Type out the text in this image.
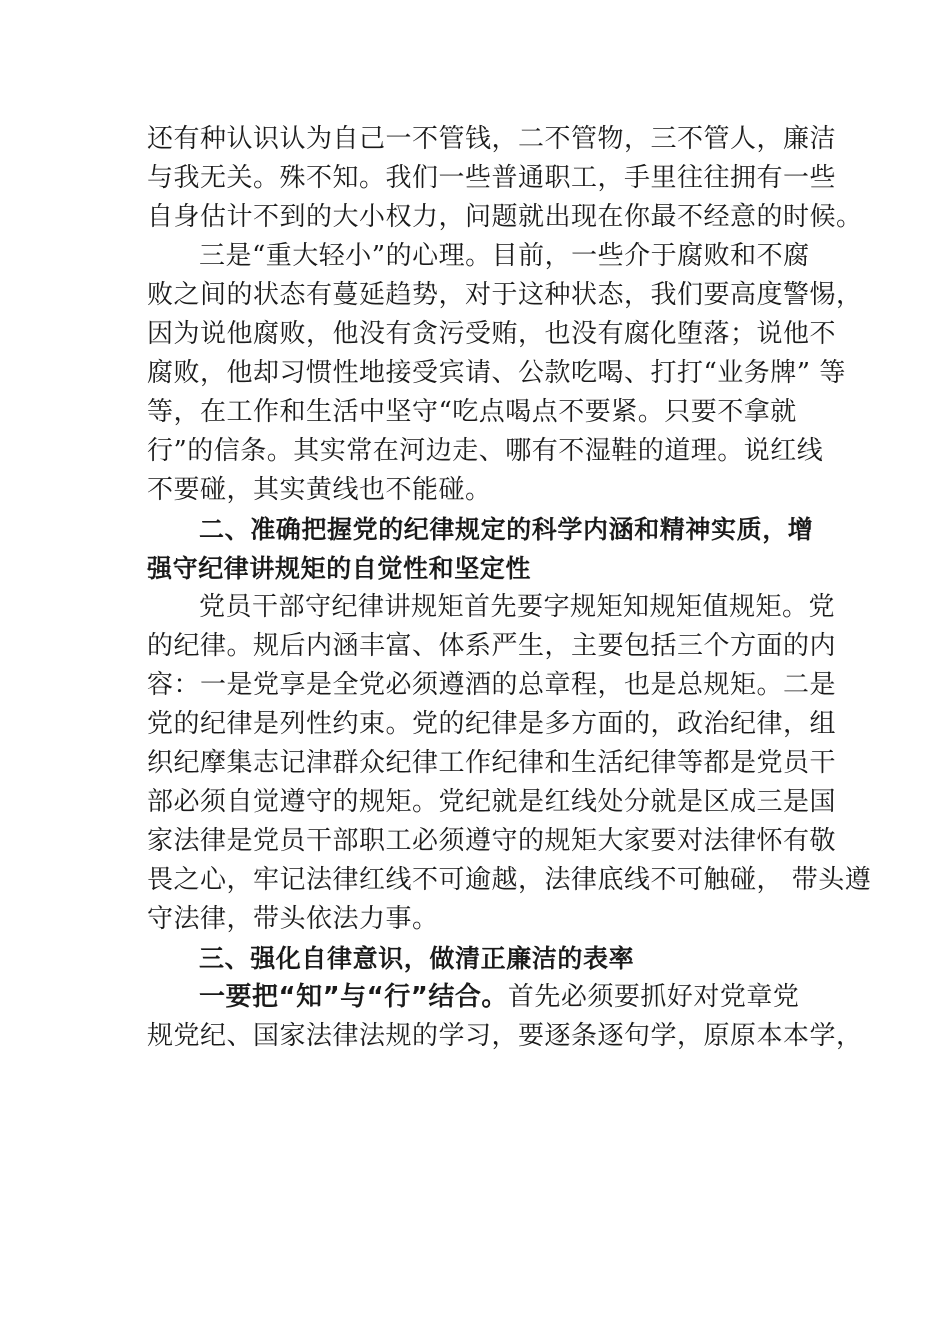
还有种认识认为自己一不管钱，二不管物，三不管人，廉洁
与我无关。殊不知。我们一些普通职工，手里往往拥有一些
自身估计不到的大小权力，问题就出现在你最不经意的时候。
三是“重大轻小”的心理。目前，一些介于腐败和不腐
败之间的状态有蔓延趋势，对于这种状态，我们要高度警惕，
因为说他腐败，他没有贪污受贿，也没有腐化堕落；说他不
腐败，他却习惯性地接受宾请、公款吃喝、打打“业务牌” 等
等，在工作和生活中坚守“吃点喝点不要紧。只要不拿就
行”的信条。其实常在河边走、哪有不湿鞋的道理。说红线
不要碰，其实黄线也不能碰。
二、准确把握党的纪律规定的科学内涵和精神实质，增
强守纪律讲规矩的自觉性和坚定性
党员干部守纪律讲规矩首先要字规矩知规矩值规矩。党
的纪律。规后内涵丰富、体系严生，主要包括三个方面的内
容：一是党享是全党必须遵酒的总章程，也是总规矩。二是
党的纪律是列性约束。党的纪律是多方面的，政治纪律，组
织纪摩集志记津群众纪律工作纪律和生活纪律等都是党员干
部必须自觉遵守的规矩。党纪就是红线处分就是区成三是国
家法律是党员干部职工必须遵守的规矩大家要对法律怀有敬
畏之心，牢记法律红线不可逾越，法律底线不可触碰， 带头遵
守法律，带头依法力事。
三、强化自律意识，做清正廉洁的表率
一要把“知”与“行”结合。首先必须要抓好对党章党
规党纪、国家法律法规的学习，要逐条逐句学，原原本本学，
